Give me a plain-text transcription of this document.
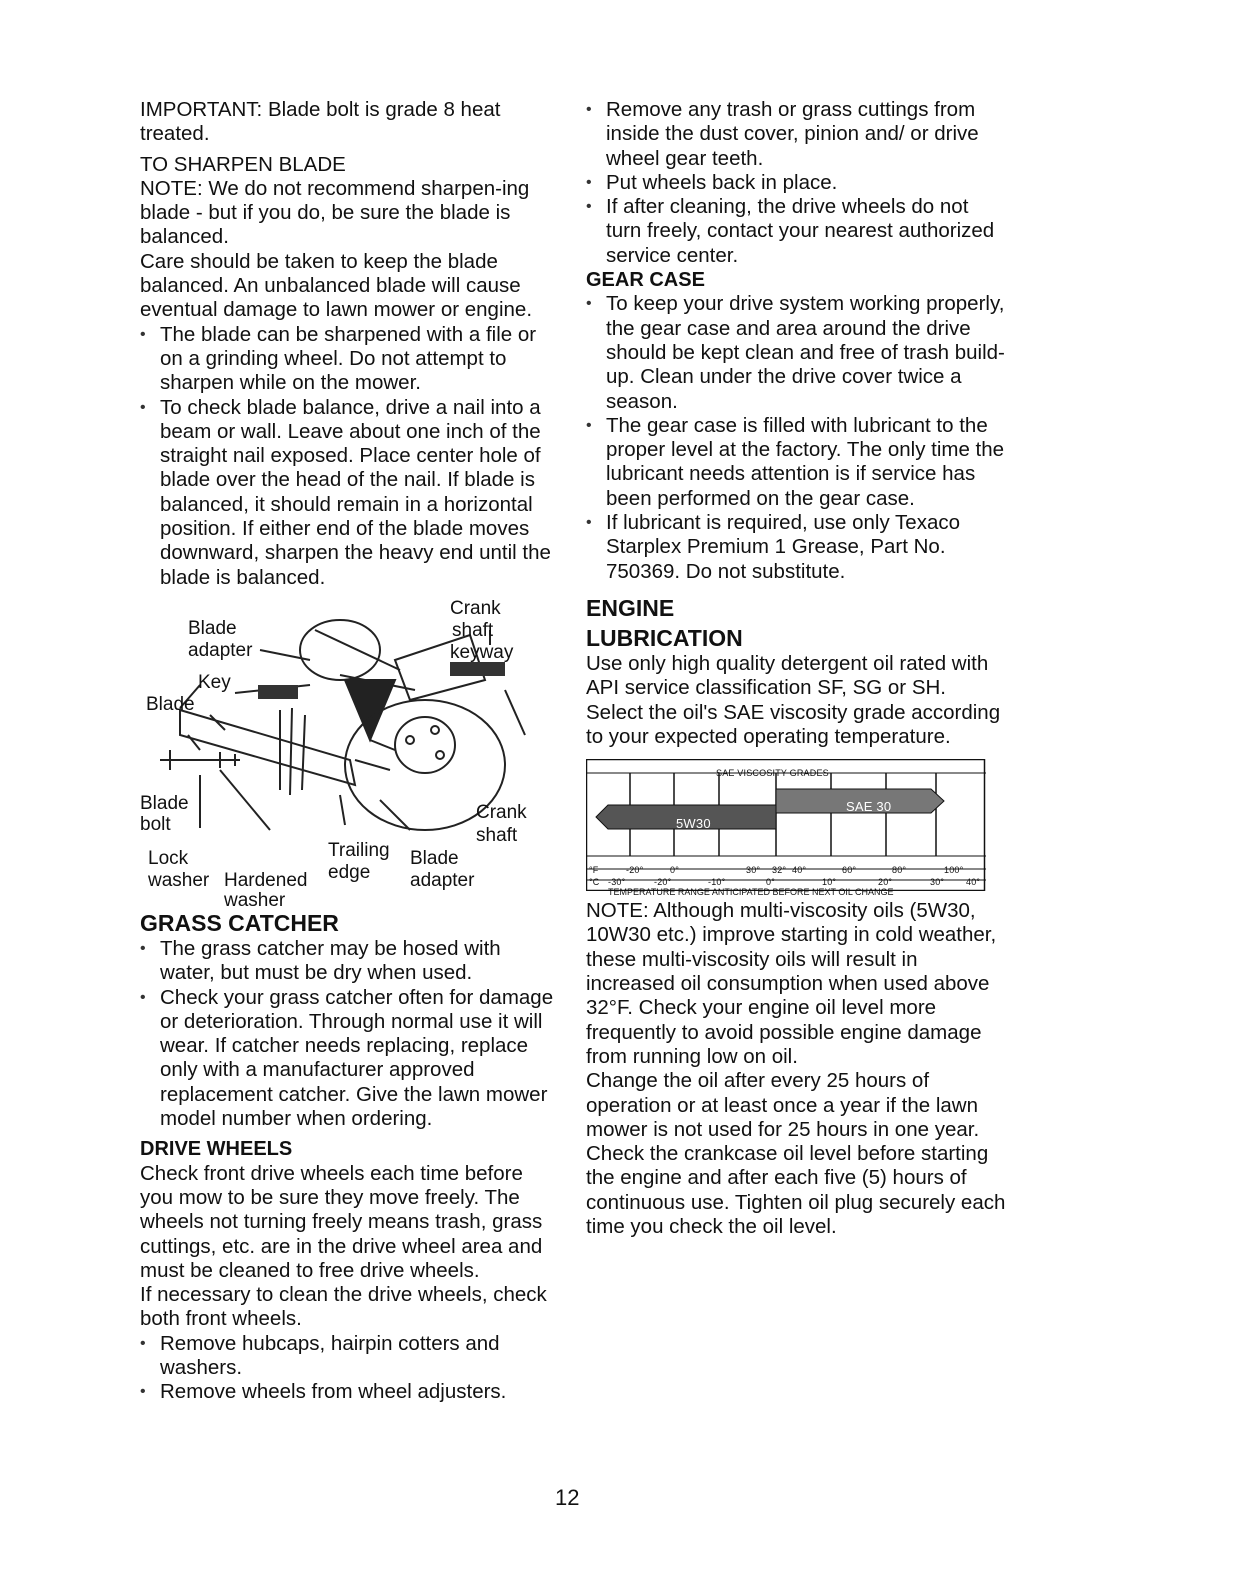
IMPORTANT: Blade bolt is grade 8 heat treated.

TO SHARPEN BLADE

NOTE: We do not recommend sharpen-ing blade - but if you do, be sure the blade is balanced.

Care should be taken to keep the blade balanced. An unbalanced blade will cause eventual damage to lawn mower or engine.

• The blade can be sharpened with a file or on a grinding wheel. Do not attempt to sharpen while on the mower.
• To check blade balance, drive a nail into a beam or wall. Leave about one inch of the straight nail exposed. Place center hole of blade over the head of the nail. If blade is balanced, it should remain in a horizontal position. If either end of the blade moves downward, sharpen the heavy end until the blade is balanced.
Crank
shaft
keyway
Blade
adapter
Key
Blade
Blade
bolt
Crank
shaft
Lock
washer Hardened
washer
Trailing
edge
Blade
adapter

GRASS CATCHER

• The grass catcher may be hosed with water, but must be dry when used.
• Check your grass catcher often for damage or deterioration. Through normal use it will wear. If catcher needs replacing, replace only with a manufacturer approved replacement catcher. Give the lawn mower model number when ordering.

DRIVE WHEELS

Check front drive wheels each time before you mow to be sure they move freely. The wheels not turning freely means trash, grass cuttings, etc. are in the drive wheel area and must be cleaned to free drive wheels.

If necessary to clean the drive wheels, check both front wheels.

• Remove hubcaps, hairpin cotters and washers.
• Remove wheels from wheel adjusters.
• Remove any trash or grass cuttings from inside the dust cover, pinion and/ or drive wheel gear teeth.
• Put wheels back in place.
• If after cleaning, the drive wheels do not turn freely, contact your nearest authorized service center.

GEAR CASE

• To keep your drive system working properly, the gear case and area around the drive should be kept clean and free of trash build-up. Clean under the drive cover twice a season.
• The gear case is filled with lubricant to the proper level at the factory. The only time the lubricant needs attention is if service has been performed on the gear case.
• If lubricant is required, use only Texaco Starplex Premium 1 Grease, Part No. 750369. Do not substitute.

ENGINE

LUBRICATION

Use only high quality detergent oil rated with API service classification SF, SG or SH. Select the oil's SAE viscosity grade according to your expected operating temperature.

SAE VISCOSITY GRADES
5W30
SAE 30
°F	-20°	0°	30° 32° 40°	60°	80°	100°
°C -30°	-20°	-10°	0°	10°	20°	30° 40°
TEMPERATURE RANGE ANTICIPATED BEFORE NEXT OIL CHANGE

NOTE: Although multi-viscosity oils (5W30, 10W30 etc.) improve starting in cold weather, these multi-viscosity oils will result in increased oil consumption when used above 32°F. Check your engine oil level more frequently to avoid possible engine damage from running low on oil.

Change the oil after every 25 hours of operation or at least once a year if the lawn mower is not used for 25 hours in one year.

Check the crankcase oil level before starting the engine and after each five (5) hours of continuous use. Tighten oil plug securely each time you check the oil level.

12
